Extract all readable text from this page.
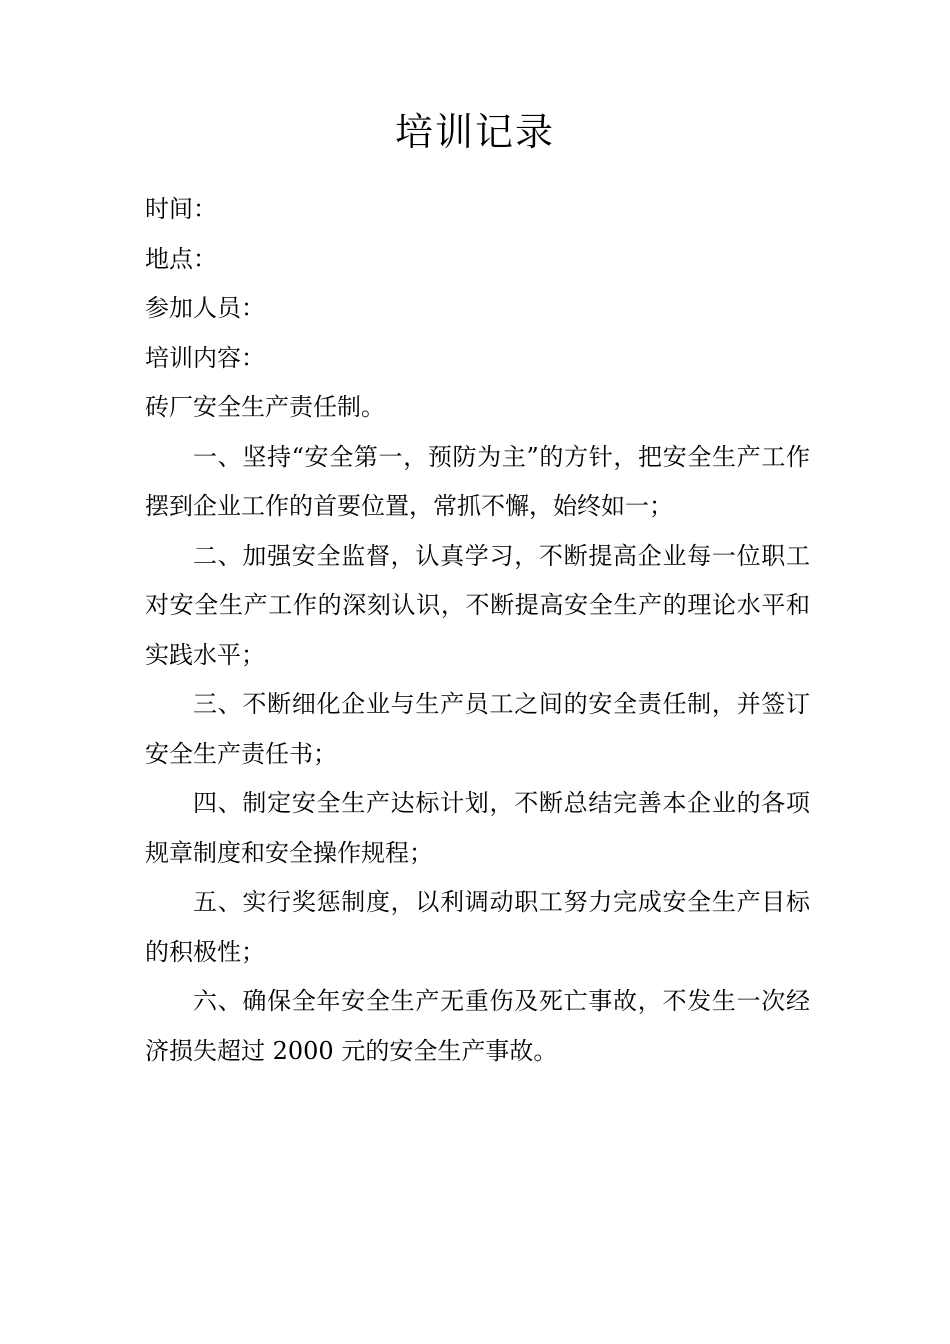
培训记录

时间：

地点：

参加人员：

培训内容：

砖厂安全生产责任制。

一、坚持“安全第一，预防为主”的方针，把安全生产工作摆到企业工作的首要位置，常抓不懈，始终如一；

二、加强安全监督，认真学习，不断提高企业每一位职工对安全生产工作的深刻认识，不断提高安全生产的理论水平和实践水平；

三、不断细化企业与生产员工之间的安全责任制，并签订安全生产责任书；

四、制定安全生产达标计划，不断总结完善本企业的各项规章制度和安全操作规程；

五、实行奖惩制度，以利调动职工努力完成安全生产目标的积极性；

六、确保全年安全生产无重伤及死亡事故，不发生一次经济损失超过 2000 元的安全生产事故。
